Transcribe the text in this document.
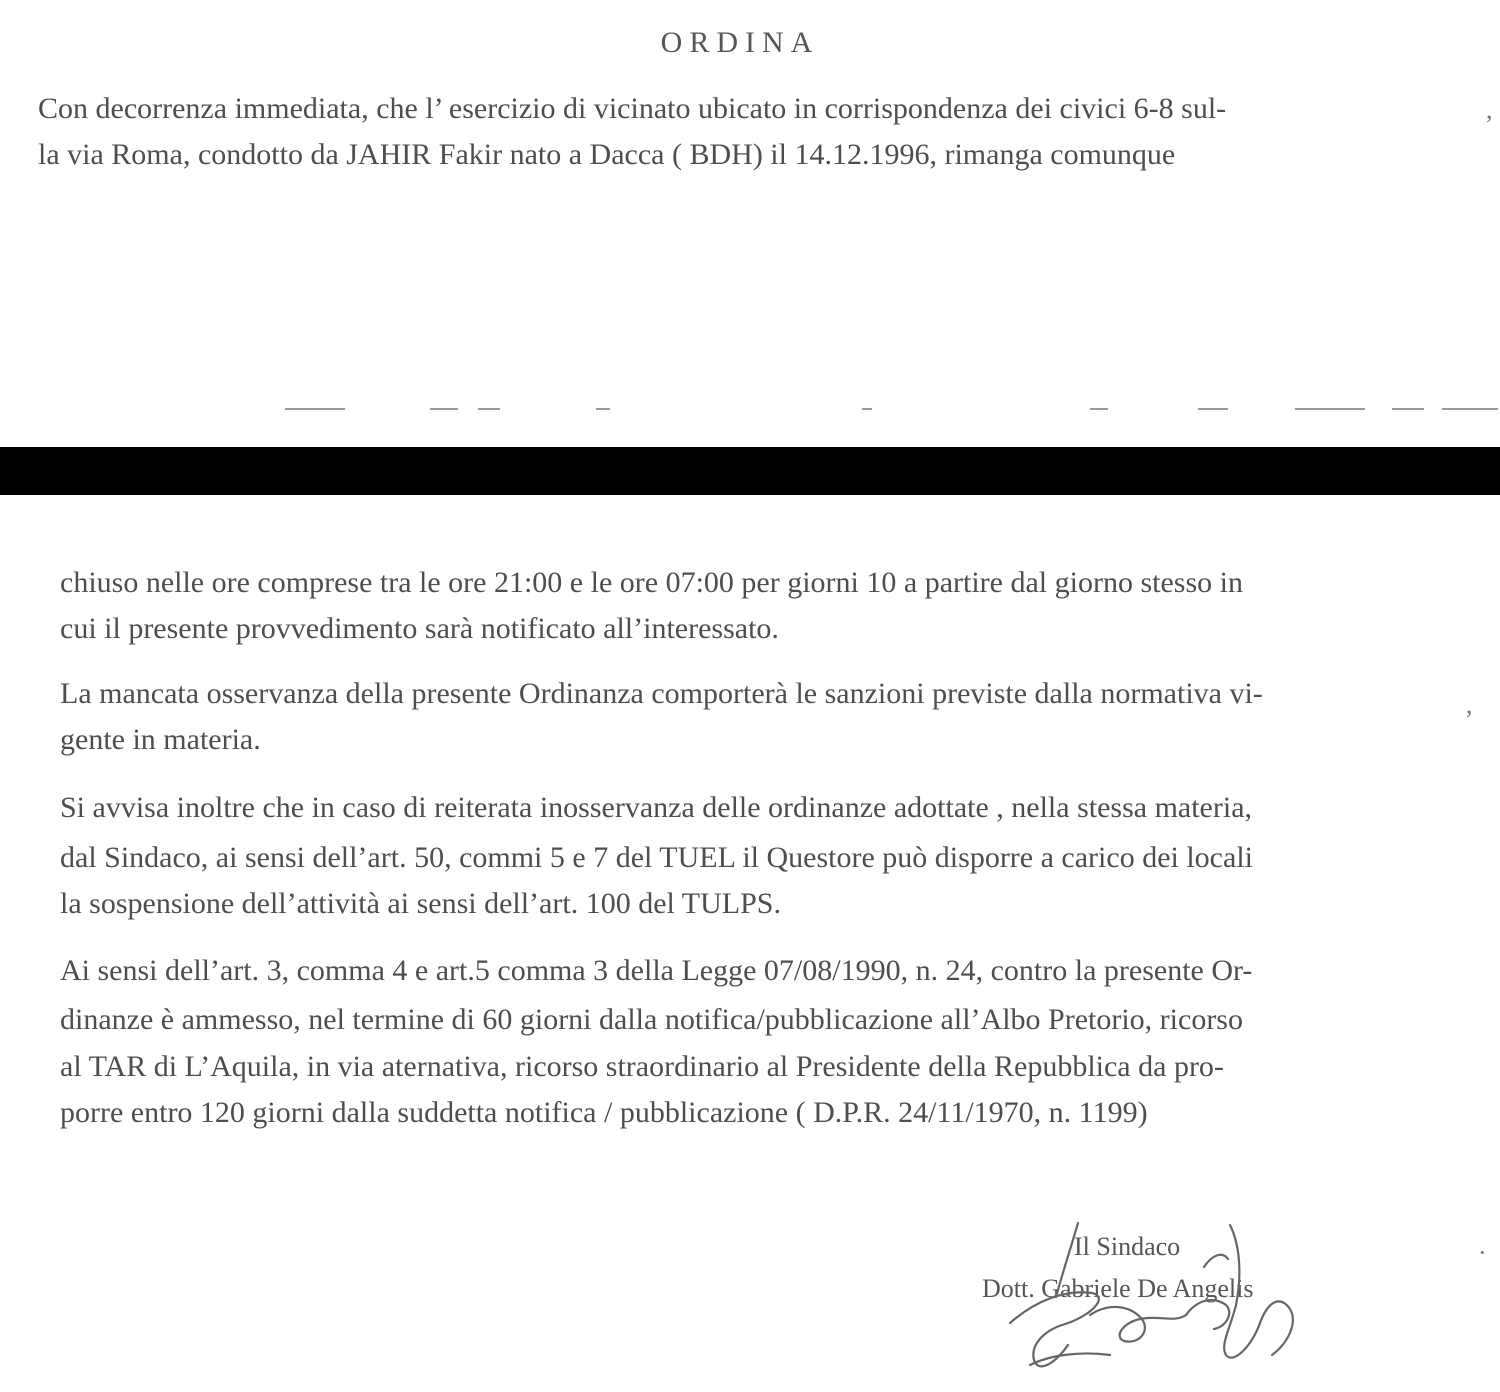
ORDINA
Con decorrenza immediata, che l’ esercizio di vicinato ubicato in corrispondenza dei civici 6-8 sul-
la via Roma, condotto da JAHIR Fakir nato a Dacca ( BDH) il 14.12.1996, rimanga comunque
,
chiuso nelle ore comprese tra le ore 21:00 e le ore 07:00 per giorni 10 a partire dal giorno stesso in
cui il presente provvedimento sarà notificato all’interessato.
La mancata osservanza della presente Ordinanza comporterà le sanzioni previste dalla normativa vi-
gente in materia.
,
Si avvisa inoltre che in caso di reiterata inosservanza delle ordinanze adottate , nella stessa materia,
dal Sindaco, ai sensi dell’art. 50, commi 5 e 7 del TUEL il Questore può disporre a carico dei locali
la sospensione dell’attività ai sensi dell’art. 100 del TULPS.
Ai sensi dell’art. 3, comma 4 e art.5 comma 3 della Legge 07/08/1990, n. 24, contro la presente Or-
dinanze è ammesso, nel termine di 60 giorni dalla notifica/pubblicazione all’Albo Pretorio, ricorso
al TAR di L’Aquila, in via aternativa, ricorso straordinario al Presidente della Repubblica da pro-
porre entro 120 giorni dalla suddetta notifica / pubblicazione ( D.P.R. 24/11/1970, n. 1199)
·
Il Sindaco
Dott. Gabriele De Angelis
